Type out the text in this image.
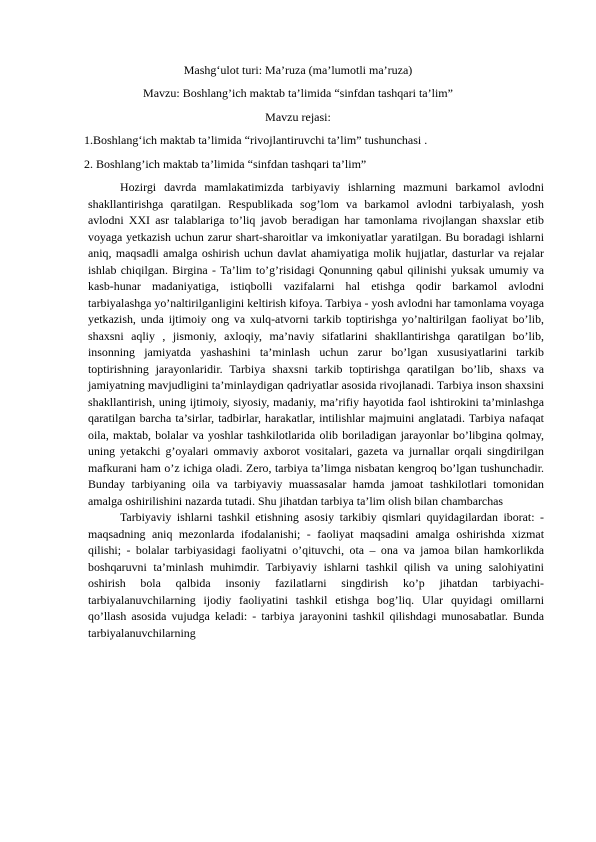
Mashg‘ulot turi: Ma’ruza (ma’lumotli ma’ruza)
Mavzu: Boshlang’ich maktab ta’limida “sinfdan tashqari ta’lim”
Mavzu rejasi:
1.Boshlang‘ich maktab ta’limida “rivojlantiruvchi ta’lim” tushunchasi .
2. Boshlang’ich maktab ta’limida “sinfdan tashqari ta’lim”

Hozirgi davrda mamlakatimizda tarbiyaviy ishlarning mazmuni barkamol avlodni shakllantirishga qaratilgan. Respublikada sog’lom va barkamol avlodni tarbiyalash, yosh avlodni XXI asr talablariga to’liq javob beradigan har tamonlama rivojlangan shaxslar etib voyaga yetkazish uchun zarur shart-sharoitlar va imkoniyatlar yaratilgan. Bu boradagi ishlarni aniq, maqsadli amalga oshirish uchun davlat ahamiyatiga molik hujjatlar, dasturlar va rejalar ishlab chiqilgan. Birgina - Ta’lim to’g’risidagi Qonunning qabul qilinishi yuksak umumiy va kasb-hunar madaniyatiga, istiqbolli vazifalarni hal etishga qodir barkamol avlodni tarbiyalashga yo’naltirilganligini keltirish kifoya. Tarbiya - yosh avlodni har tamonlama voyaga yetkazish, unda ijtimoiy ong va xulq-atvorni tarkib toptirishga yo’naltirilgan faoliyat bo’lib, shaxsni aqliy , jismoniy, axloqiy, ma’naviy sifatlarini shakllantirishga qaratilgan bo’lib, insonning jamiyatda yashashini ta’minlash uchun zarur bo’lgan xususiyatlarini tarkib toptirishning jarayonlaridir. Tarbiya shaxsni tarkib toptirishga qaratilgan bo’lib, shaxs va jamiyatning mavjudligini ta’minlaydigan qadriyatlar asosida rivojlanadi. Tarbiya inson shaxsini shakllantirish, uning ijtimoiy, siyosiy, madaniy, ma’rifiy hayotida faol ishtirokini ta’minlashga qaratilgan barcha ta’sirlar, tadbirlar, harakatlar, intilishlar majmuini anglatadi. Tarbiya nafaqat oila, maktab, bolalar va yoshlar tashkilotlarida olib boriladigan jarayonlar bo’libgina qolmay, uning yetakchi g’oyalari ommaviy axborot vositalari, gazeta va jurnallar orqali singdirilgan mafkurani ham o’z ichiga oladi. Zero, tarbiya ta’limga nisbatan kengroq bo’lgan tushunchadir. Bunday tarbiyaning oila va tarbiyaviy muassasalar hamda jamoat tashkilotlari tomonidan amalga oshirilishini nazarda tutadi. Shu jihatdan tarbiya ta’lim olish bilan chambarchas

Tarbiyaviy ishlarni tashkil etishning asosiy tarkibiy qismlari quyidagilardan iborat: - maqsadning aniq mezonlarda ifodalanishi; - faoliyat maqsadini amalga oshirishda xizmat qilishi; - bolalar tarbiyasidagi faoliyatni o’qituvchi, ota – ona va jamoa bilan hamkorlikda boshqaruvni ta’minlash muhimdir. Tarbiyaviy ishlarni tashkil qilish va uning salohiyatini oshirish bola qalbida insoniy fazilatlarni singdirish ko’p jihatdan tarbiyachi-tarbiyalanuvchilarning ijodiy faoliyatini tashkil etishga bog’liq. Ular quyidagi omillarni qo’llash asosida vujudga keladi: - tarbiya jarayonini tashkil qilishdagi munosabatlar. Bunda tarbiyalanuvchilarning
